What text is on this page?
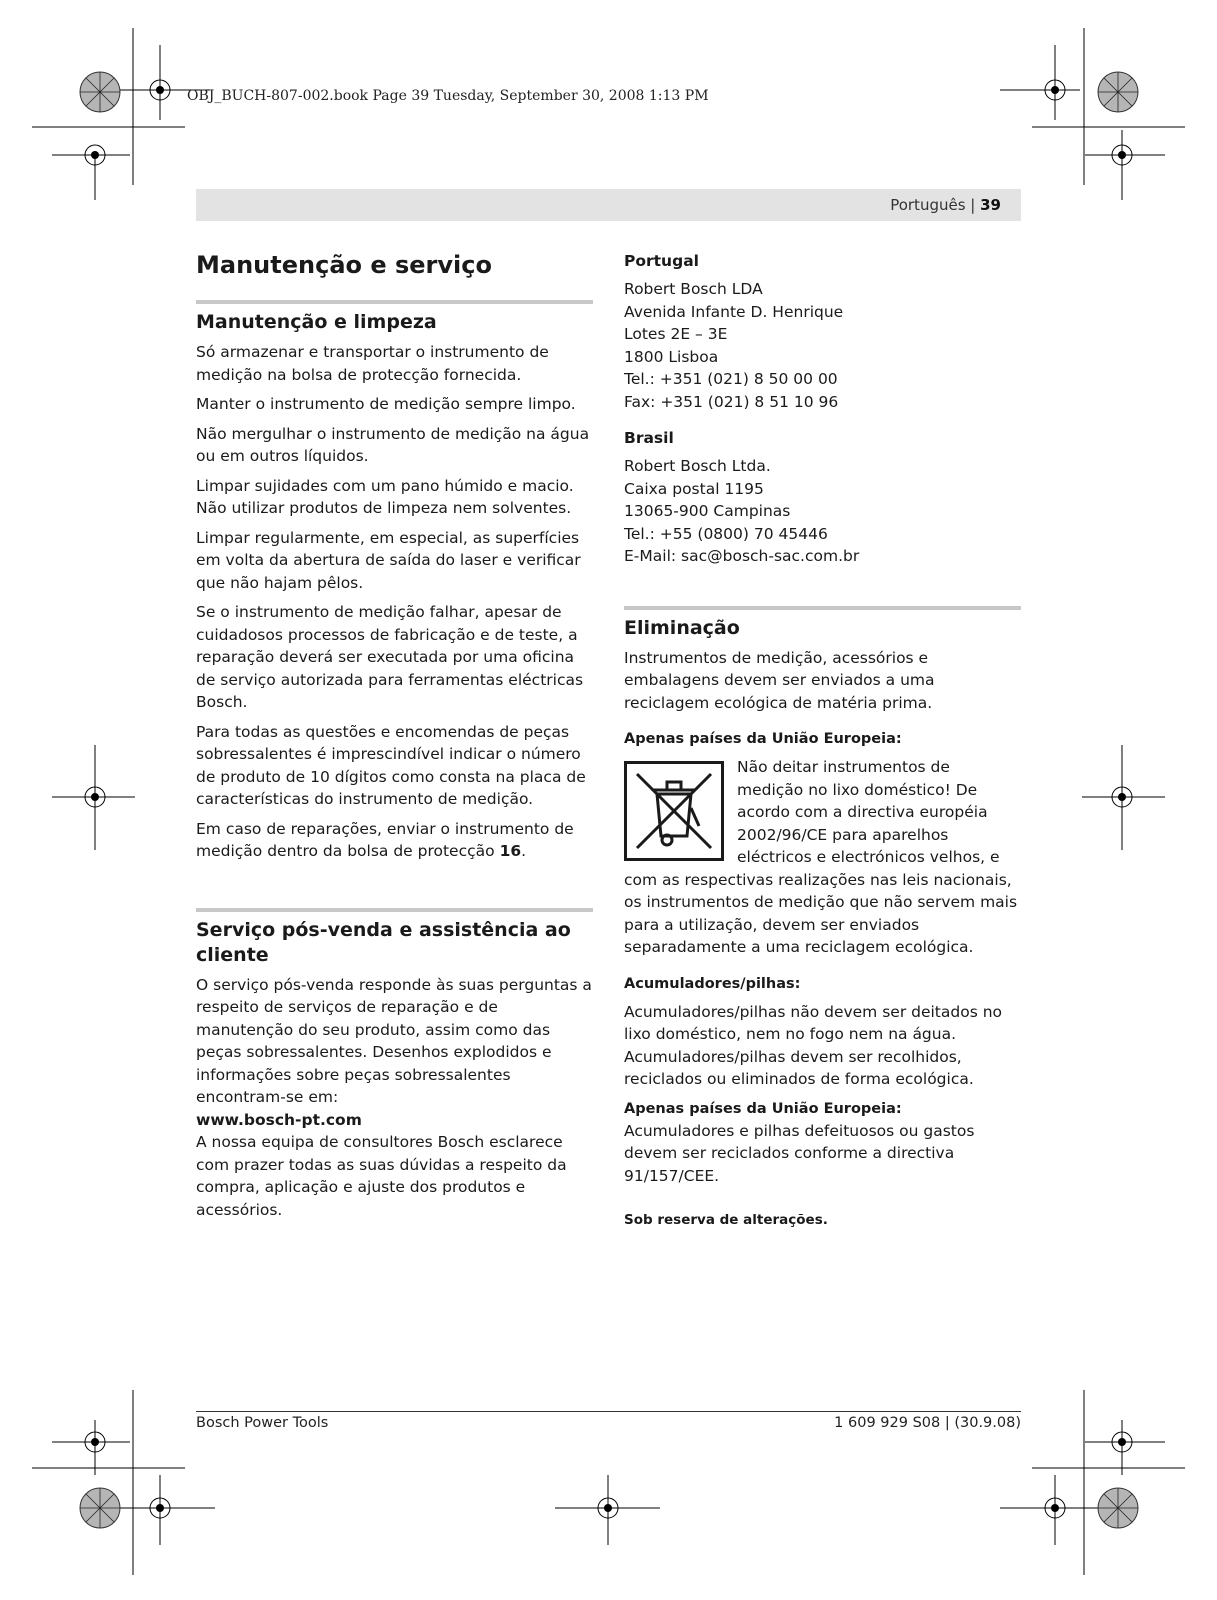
OBJ_BUCH-807-002.book Page 39 Tuesday, September 30, 2008 1:13 PM
Português | 39
Manutenção e serviço
Manutenção e limpeza
Só armazenar e transportar o instrumento de medição na bolsa de protecção fornecida.
Manter o instrumento de medição sempre limpo.
Não mergulhar o instrumento de medição na água ou em outros líquidos.
Limpar sujidades com um pano húmido e macio. Não utilizar produtos de limpeza nem solventes.
Limpar regularmente, em especial, as superfícies em volta da abertura de saída do laser e verificar que não hajam pêlos.
Se o instrumento de medição falhar, apesar de cuidadosos processos de fabricação e de teste, a reparação deverá ser executada por uma oficina de serviço autorizada para ferramentas eléctricas Bosch.
Para todas as questões e encomendas de peças sobressalentes é imprescindível indicar o número de produto de 10 dígitos como consta na placa de características do instrumento de medição.
Em caso de reparações, enviar o instrumento de medição dentro da bolsa de protecção 16.
Serviço pós-venda e assistência ao cliente
O serviço pós-venda responde às suas perguntas a respeito de serviços de reparação e de manutenção do seu produto, assim como das peças sobressalentes. Desenhos explodidos e informações sobre peças sobressalentes encontram-se em:
www.bosch-pt.com
A nossa equipa de consultores Bosch esclarece com prazer todas as suas dúvidas a respeito da compra, aplicação e ajuste dos produtos e acessórios.
Portugal
Robert Bosch LDA
Avenida Infante D. Henrique
Lotes 2E – 3E
1800 Lisboa
Tel.: +351 (021) 8 50 00 00
Fax: +351 (021) 8 51 10 96
Brasil
Robert Bosch Ltda.
Caixa postal 1195
13065-900 Campinas
Tel.: +55 (0800) 70 45446
E-Mail: sac@bosch-sac.com.br
Eliminação
Instrumentos de medição, acessórios e embalagens devem ser enviados a uma reciclagem ecológica de matéria prima.
Apenas países da União Europeia:
Não deitar instrumentos de medição no lixo doméstico! De acordo com a directiva européia 2002/96/CE para aparelhos eléctricos e electrónicos velhos, e com as respectivas realizações nas leis nacionais, os instrumentos de medição que não servem mais para a utilização, devem ser enviados separadamente a uma reciclagem ecológica.
Acumuladores/pilhas:
Acumuladores/pilhas não devem ser deitados no lixo doméstico, nem no fogo nem na água. Acumuladores/pilhas devem ser recolhidos, reciclados ou eliminados de forma ecológica.
Apenas países da União Europeia:
Acumuladores e pilhas defeituosos ou gastos devem ser reciclados conforme a directiva 91/157/CEE.
Sob reserva de alterações.
Bosch Power Tools	1 609 929 S08 | (30.9.08)
